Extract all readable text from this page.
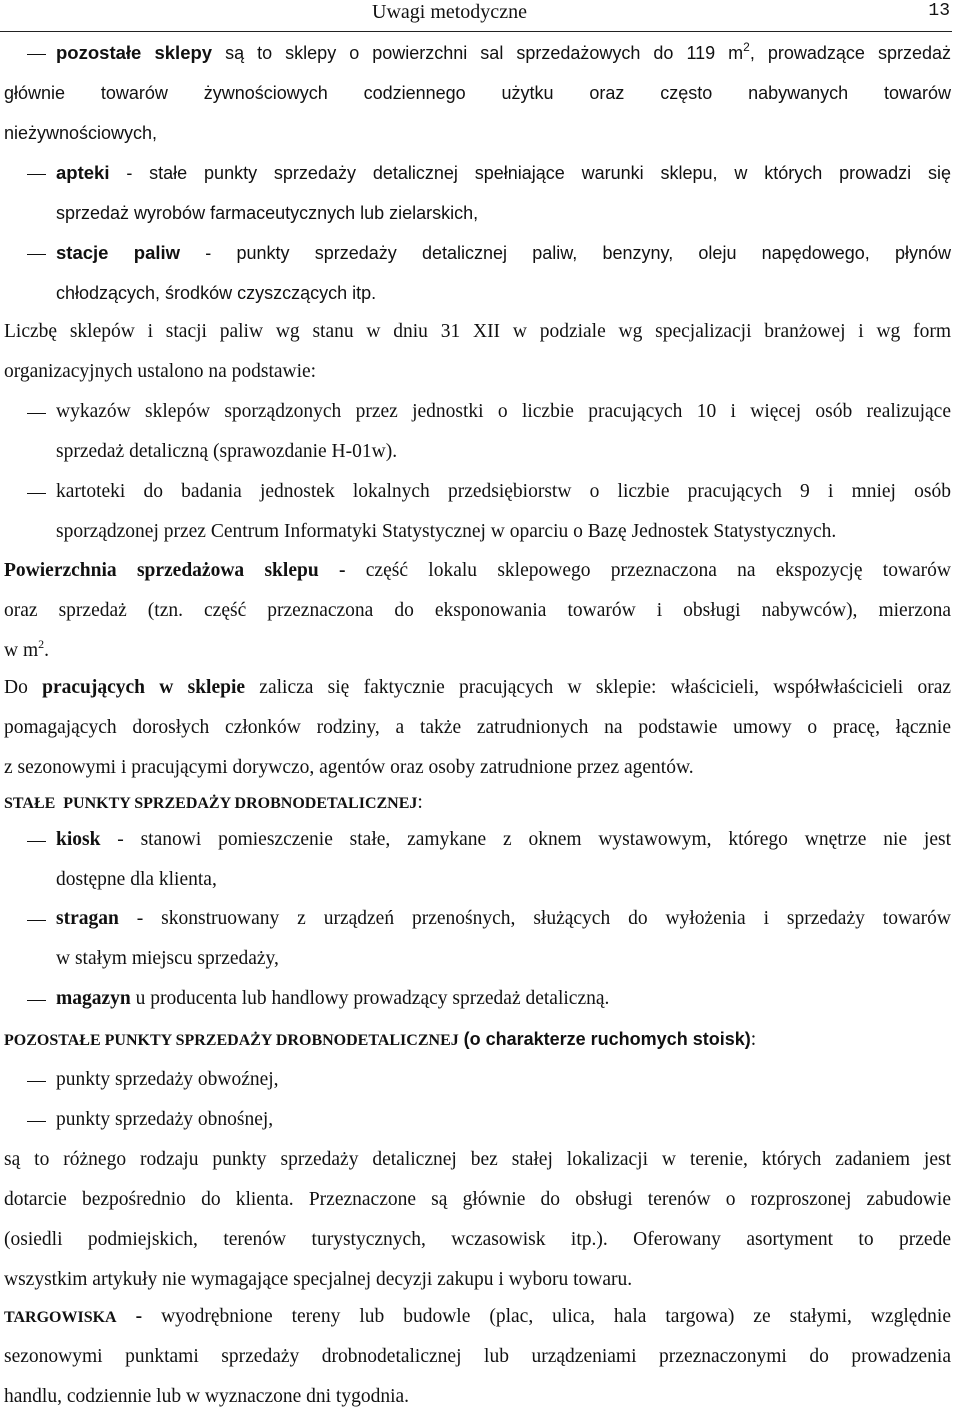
Uwagi metodyczne	13
pozostałe sklepy są to sklepy o powierzchni sal sprzedażowych do 119 $m^2$, prowadzące sprzedaż
głównie towarów żywnościowych codziennego użytku oraz często nabywanych towarów
nieżywnościowych,
apteki - stałe punkty sprzedaży detalicznej spełniające warunki sklepu, w których prowadzi się
sprzedaż wyrobów farmaceutycznych lub zielarskich,
stacje paliw - punkty sprzedaży detalicznej paliw, benzyny, oleju napędowego, płynów
chłodzących, środków czyszczących itp.
Liczbę sklepów i stacji paliw wg stanu w dniu 31 XII w podziale wg specjalizacji branżowej i wg form
organizacyjnych ustalono na podstawie:
wykazów sklepów sporządzonych przez jednostki o liczbie pracujących 10 i więcej osób realizujące
sprzedaż detaliczną (sprawozdanie H-01w).
kartoteki do badania jednostek lokalnych przedsiębiorstw o liczbie pracujących 9 i mniej osób
sporządzonej przez Centrum Informatyki Statystycznej w oparciu o Bazę Jednostek Statystycznych.
Powierzchnia sprzedażowa sklepu - część lokalu sklepowego przeznaczona na ekspozycję towarów
oraz sprzedaż (tzn. część przeznaczona do eksponowania towarów i obsługi nabywców), mierzona
w $m^2$.
Do pracujących w sklepie zalicza się faktycznie pracujących w sklepie: właścicieli, współwłaścicieli oraz
pomagających dorosłych członków rodziny, a także zatrudnionych na podstawie umowy o pracę, łącznie
z sezonowymi i pracującymi dorywczo, agentów oraz osoby zatrudnione przez agentów.
STAŁE  PUNKTY SPRZEDAŻY DROBNODETALICZNEJ:
kiosk - stanowi pomieszczenie stałe, zamykane z oknem wystawowym, którego wnętrze nie jest
dostępne dla klienta,
stragan - skonstruowany z urządzeń przenośnych, służących do wyłożenia i sprzedaży towarów
w stałym miejscu sprzedaży,
magazyn u producenta lub handlowy prowadzący sprzedaż detaliczną.
POZOSTAŁE PUNKTY SPRZEDAŻY DROBNODETALICZNEJ (o charakterze ruchomych stoisk):
punkty sprzedaży obwoźnej,
punkty sprzedaży obnośnej,
są to różnego rodzaju punkty sprzedaży detalicznej bez stałej lokalizacji w terenie, których zadaniem jest
dotarcie bezpośrednio do klienta. Przeznaczone są głównie do obsługi terenów o rozproszonej zabudowie
(osiedli podmiejskich, terenów turystycznych, wczasowisk itp.). Oferowany asortyment to przede
wszystkim artykuły nie wymagające specjalnej decyzji zakupu i wyboru towaru.
TARGOWISKA - wyodrębnione tereny lub budowle (plac, ulica, hala targowa) ze stałymi, względnie
sezonowymi punktami sprzedaży drobnodetalicznej lub urządzeniami przeznaczonymi do prowadzenia
handlu, codziennie lub w wyznaczone dni tygodnia.
